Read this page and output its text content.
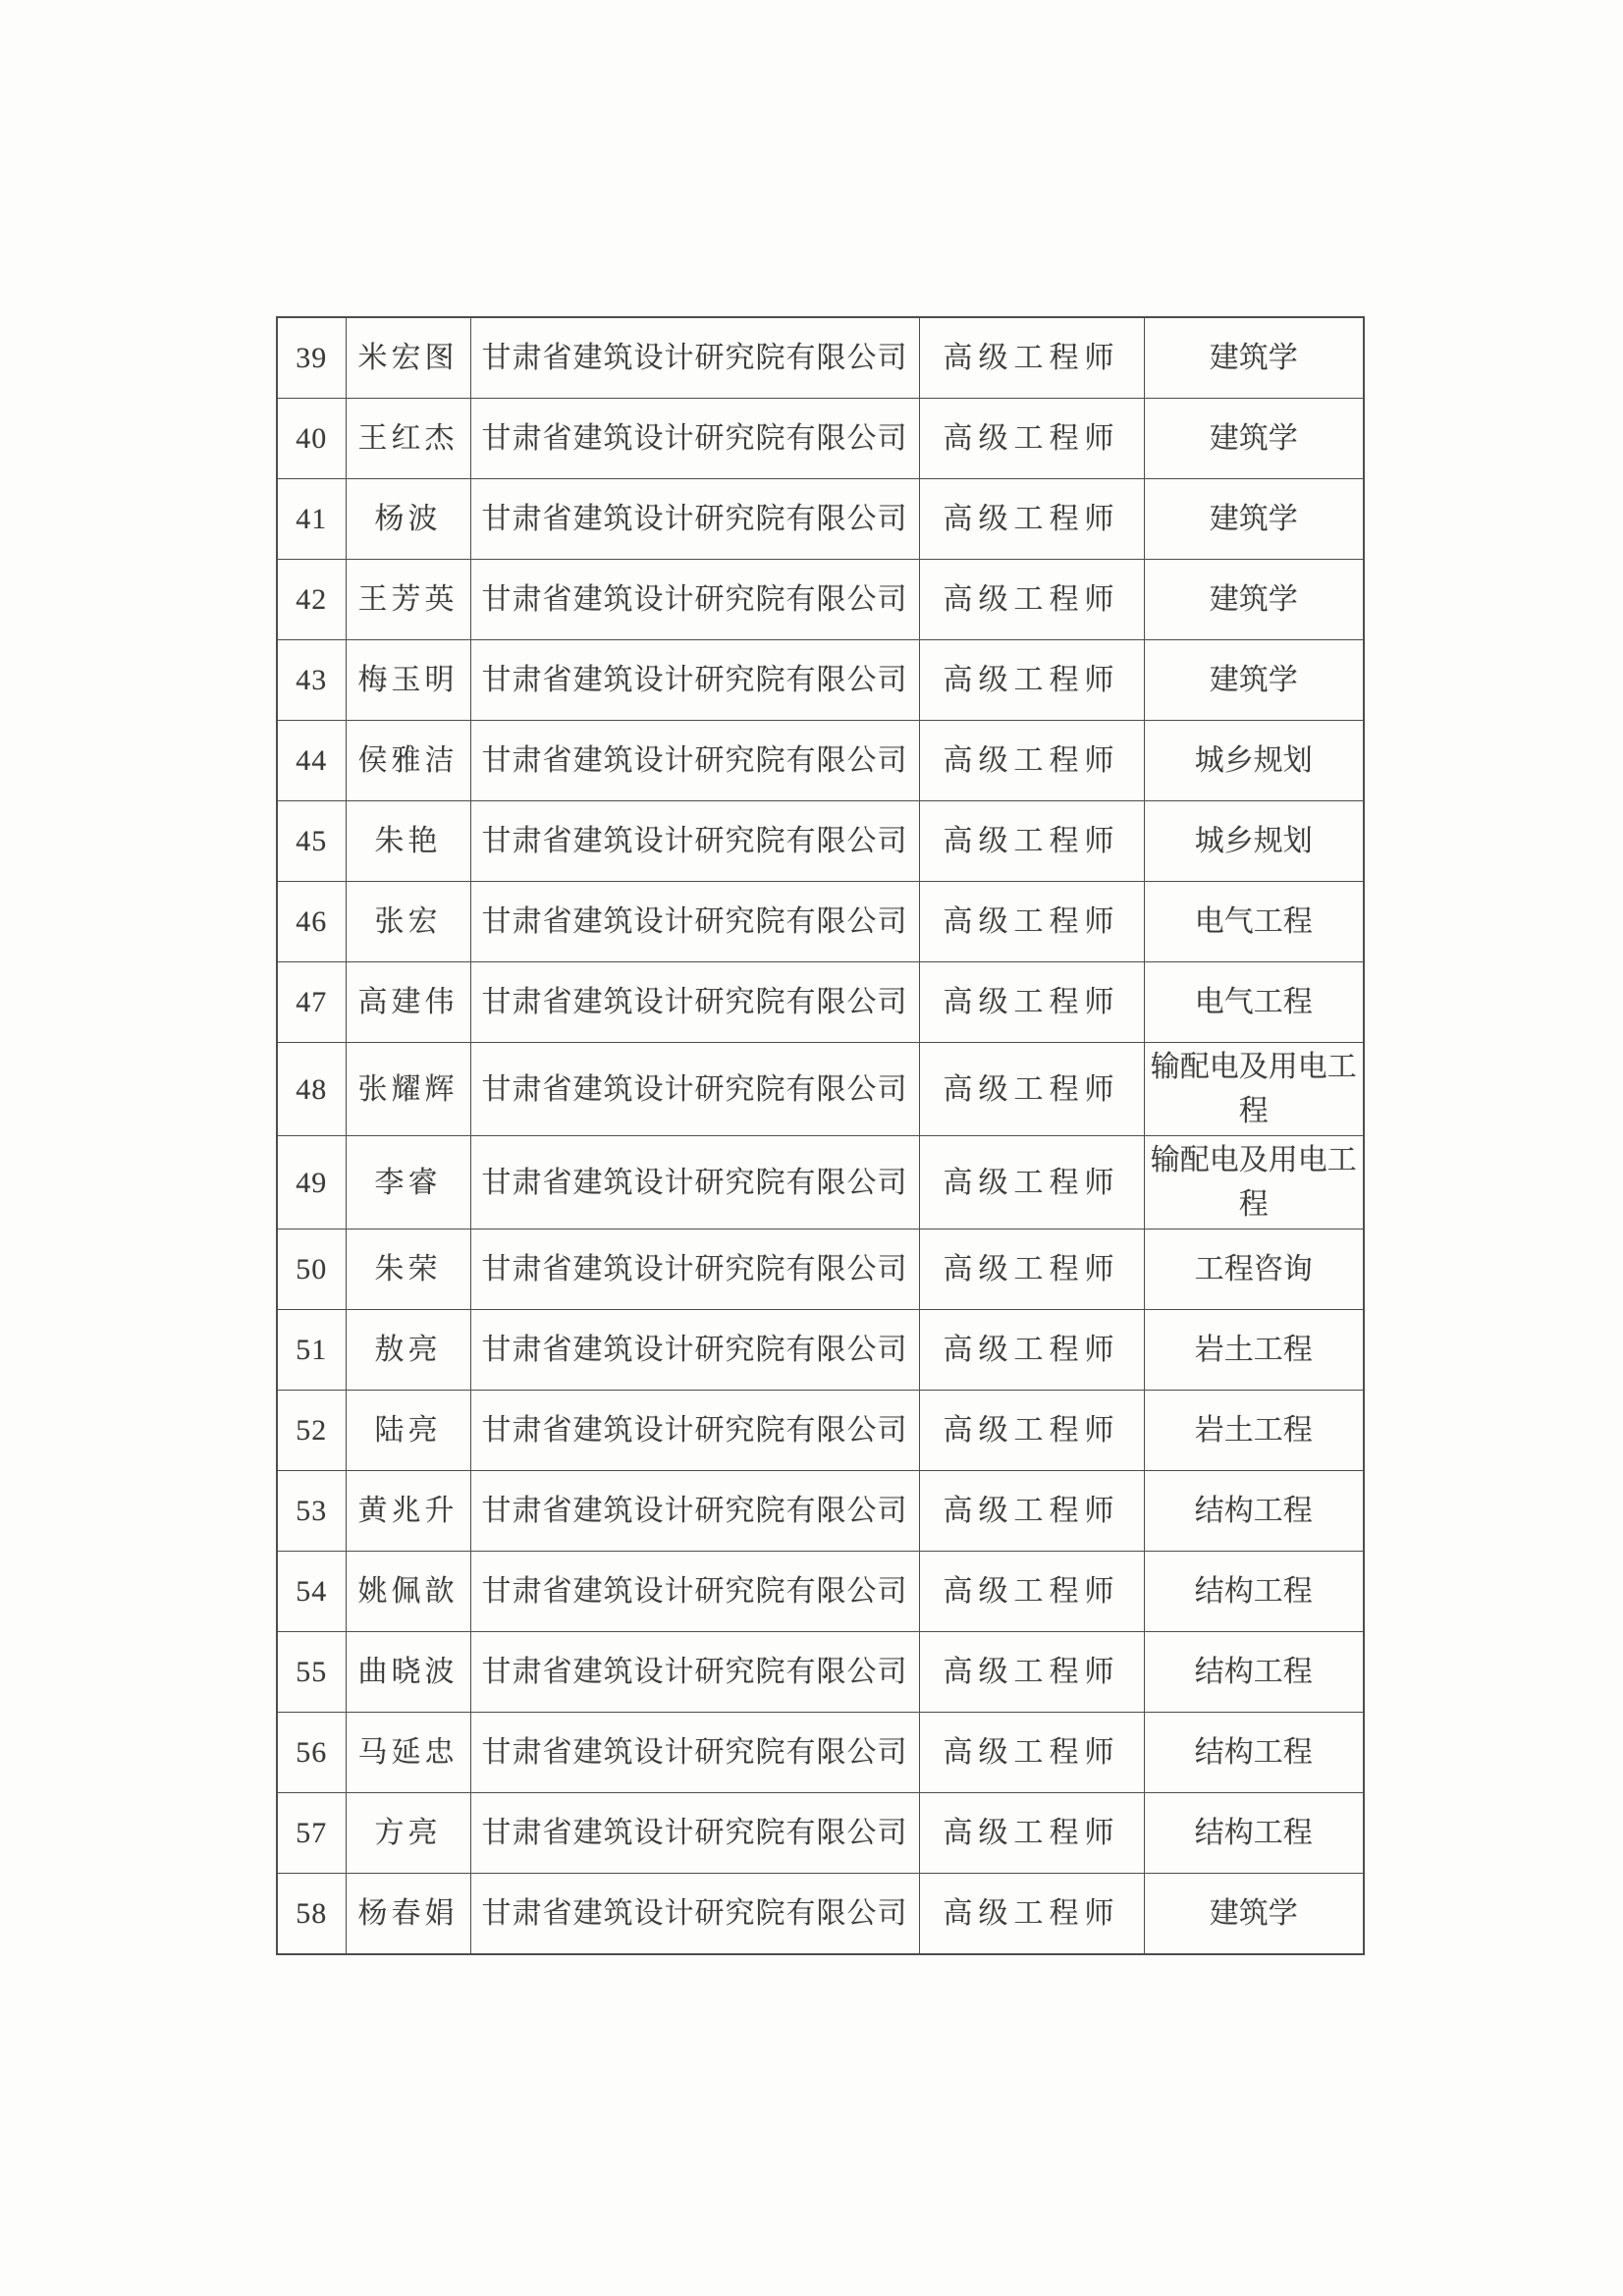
39	米宏图	甘肃省建筑设计研究院有限公司	高级工程师	建筑学
40	王红杰	甘肃省建筑设计研究院有限公司	高级工程师	建筑学
41	杨波	甘肃省建筑设计研究院有限公司	高级工程师	建筑学
42	王芳英	甘肃省建筑设计研究院有限公司	高级工程师	建筑学
43	梅玉明	甘肃省建筑设计研究院有限公司	高级工程师	建筑学
44	侯雅洁	甘肃省建筑设计研究院有限公司	高级工程师	城乡规划
45	朱艳	甘肃省建筑设计研究院有限公司	高级工程师	城乡规划
46	张宏	甘肃省建筑设计研究院有限公司	高级工程师	电气工程
47	高建伟	甘肃省建筑设计研究院有限公司	高级工程师	电气工程
48	张耀辉	甘肃省建筑设计研究院有限公司	高级工程师	输配电及用电工程
49	李睿	甘肃省建筑设计研究院有限公司	高级工程师	输配电及用电工程
50	朱荣	甘肃省建筑设计研究院有限公司	高级工程师	工程咨询
51	敖亮	甘肃省建筑设计研究院有限公司	高级工程师	岩土工程
52	陆亮	甘肃省建筑设计研究院有限公司	高级工程师	岩土工程
53	黄兆升	甘肃省建筑设计研究院有限公司	高级工程师	结构工程
54	姚佩歆	甘肃省建筑设计研究院有限公司	高级工程师	结构工程
55	曲晓波	甘肃省建筑设计研究院有限公司	高级工程师	结构工程
56	马延忠	甘肃省建筑设计研究院有限公司	高级工程师	结构工程
57	方亮	甘肃省建筑设计研究院有限公司	高级工程师	结构工程
58	杨春娟	甘肃省建筑设计研究院有限公司	高级工程师	建筑学
